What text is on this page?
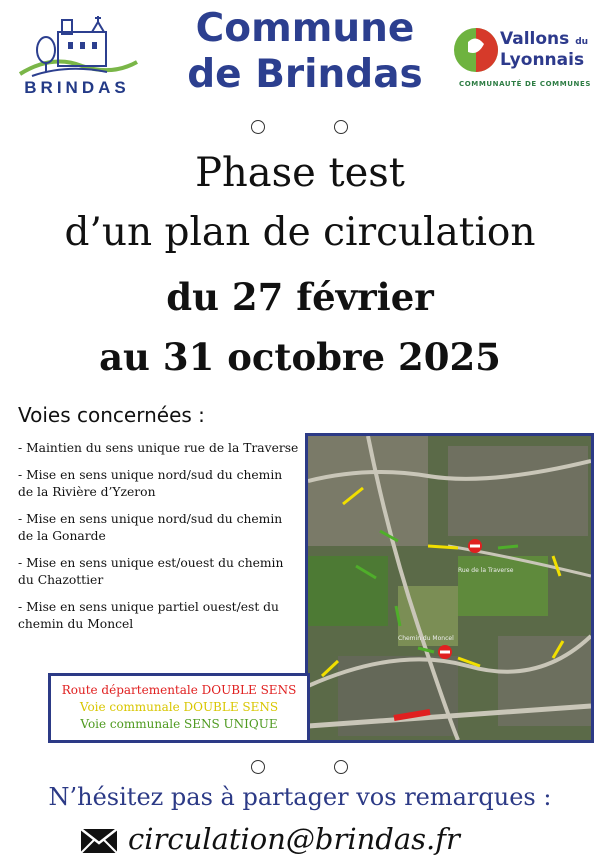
BRINDAS
Commune
de Brindas
Vallons du
Lyonnais
COMMUNAUTÉ DE COMMUNES
Phase test
d’un plan de circulation
du 27 février
au 31 octobre 2025
Voies concernées :
- Maintien du sens unique rue de la Traverse
- Mise en sens unique nord/sud du chemin de la Rivière d’Yzeron
- Mise en sens unique nord/sud du chemin de la Gonarde
- Mise en sens unique est/ouest du chemin du Chazottier
- Mise en sens unique partiel ouest/est du chemin du Moncel
Rue de la Traverse
Chemin du Moncel
Route départementale DOUBLE SENS
Voie communale DOUBLE SENS
Voie communale SENS UNIQUE
N’hésitez pas à partager vos remarques :
circulation@brindas.fr
